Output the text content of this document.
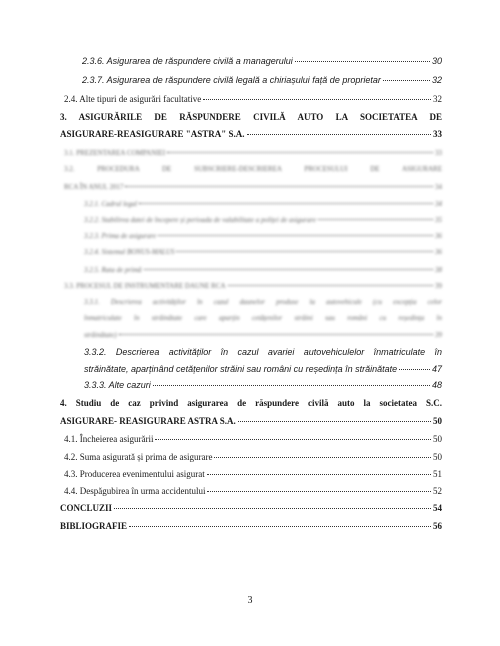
2.3.6. Asigurarea de răspundere civilă a managerului	30
2.3.7. Asigurarea de răspundere civilă legală a chiriașului față de proprietar	32
2.4. Alte tipuri de asigurări facultative	32
3. ASIGURĂRILE DE RĂSPUNDERE CIVILĂ AUTO LA SOCIETATEA DE
ASIGURARE-REASIGURARE "ASTRA" S.A.	33
3.1. PREZENTAREA COMPANIEI	33
3.2. PROCEDURA DE SUBSCRIERE-DESCRIEREA PROCESULUI DE ASIGURARE
RCA ÎN ANUL 2017	34
3.2.1. Cadrul legal	34
3.2.2. Stabilirea datei de începere și perioada de valabilitate a poliței de asigurare	35
3.2.3. Prima de asigurare	36
3.2.4. Sistemul BONUS-MALUS	36
3.2.5. Rata de primă	38
3.3. PROCESUL DE INSTRUMENTARE DAUNE RCA	39
3.3.1. Descrierea activităților în cazul daunelor produse la autovehicule (cu excepția celor
înmatriculate în străinătate care aparțin cetățenilor străini sau români cu reședința în
străinătate)	39
3.3.2. Descrierea activităților în cazul avariei autovehiculelor înmatriculate în
străinătate, aparținând cetățenilor străini sau români cu reședința în străinătate	47
3.3.3. Alte cazuri	48
4. Studiu de caz privind asigurarea de răspundere civilă auto la societatea S.C.
ASIGURARE- REASIGURARE ASTRA S.A.	50
4.1. Încheierea asigurării	50
4.2. Suma asigurată și prima de asigurare	50
4.3. Producerea evenimentului asigurat	51
4.4. Despăgubirea în urma accidentului	52
CONCLUZII	54
BIBLIOGRAFIE	56
3
